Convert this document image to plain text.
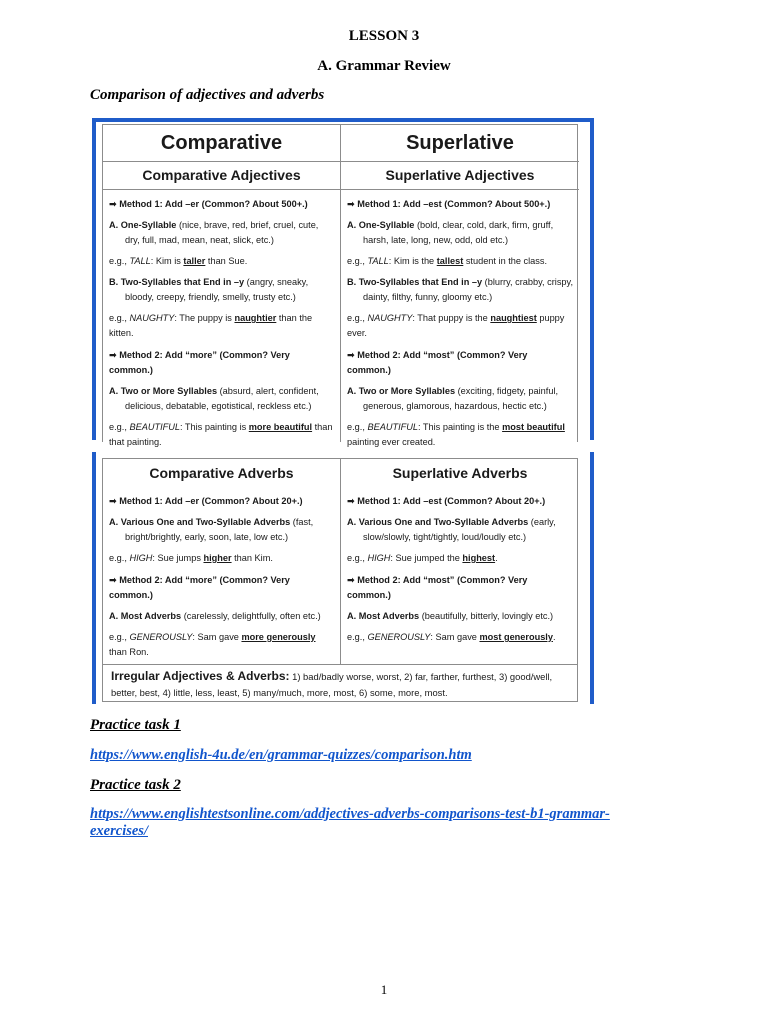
LESSON 3
A. Grammar Review
Comparison of adjectives and adverbs
Comparative
Comparative Adjectives
➡ Method 1: Add –er (Common? About 500+.)
A. One-Syllable (nice, brave, red, brief, cruel, cute, dry, full, mad, mean, neat, slick, etc.)
e.g., TALL: Kim is taller than Sue.
B. Two-Syllables that End in –y (angry, sneaky, bloody, creepy, friendly, smelly, trusty etc.)
e.g., NAUGHTY: The puppy is naughtier than the kitten.
➡ Method 2: Add “more” (Common? Very common.)
A. Two or More Syllables (absurd, alert, confident, delicious, debatable, egotistical, reckless etc.)
e.g., BEAUTIFUL: This painting is more beautiful than that painting.
Superlative
Superlative Adjectives
➡ Method 1: Add –est (Common? About 500+.)
A. One-Syllable (bold, clear, cold, dark, firm, gruff, harsh, late, long, new, odd, old etc.)
e.g., TALL: Kim is the tallest student in the class.
B. Two-Syllables that End in –y (blurry, crabby, crispy, dainty, filthy, funny, gloomy etc.)
e.g., NAUGHTY: That puppy is the naughtiest puppy ever.
➡ Method 2: Add “most” (Common? Very common.)
A. Two or More Syllables (exciting, fidgety, painful, generous, glamorous, hazardous, hectic etc.)
e.g., BEAUTIFUL: This painting is the most beautiful painting ever created.
Comparative Adverbs
➡ Method 1: Add –er (Common? About 20+.)
A. Various One and Two-Syllable Adverbs (fast, bright/brightly, early, soon, late, low etc.)
e.g., HIGH: Sue jumps higher than Kim.
➡ Method 2: Add “more” (Common? Very common.)
A. Most Adverbs (carelessly, delightfully, often etc.)
e.g., GENEROUSLY: Sam gave more generously than Ron.
Superlative Adverbs
➡ Method 1: Add –est (Common? About 20+.)
A. Various One and Two-Syllable Adverbs (early, slow/slowly, tight/tightly, loud/loudly etc.)
e.g., HIGH: Sue jumped the highest.
➡ Method 2: Add “most” (Common? Very common.)
A. Most Adverbs (beautifully, bitterly, lovingly etc.)
e.g., GENEROUSLY: Sam gave most generously.
Irregular Adjectives & Adverbs: 1) bad/badly worse, worst, 2) far, farther, furthest, 3) good/well, better, best, 4) little, less, least, 5) many/much, more, most, 6) some, more, most.
Practice task 1
https://www.english-4u.de/en/grammar-quizzes/comparison.htm
Practice task 2
https://www.englishtestsonline.com/addjectives-adverbs-comparisons-test-b1-grammar-
exercises/
1
